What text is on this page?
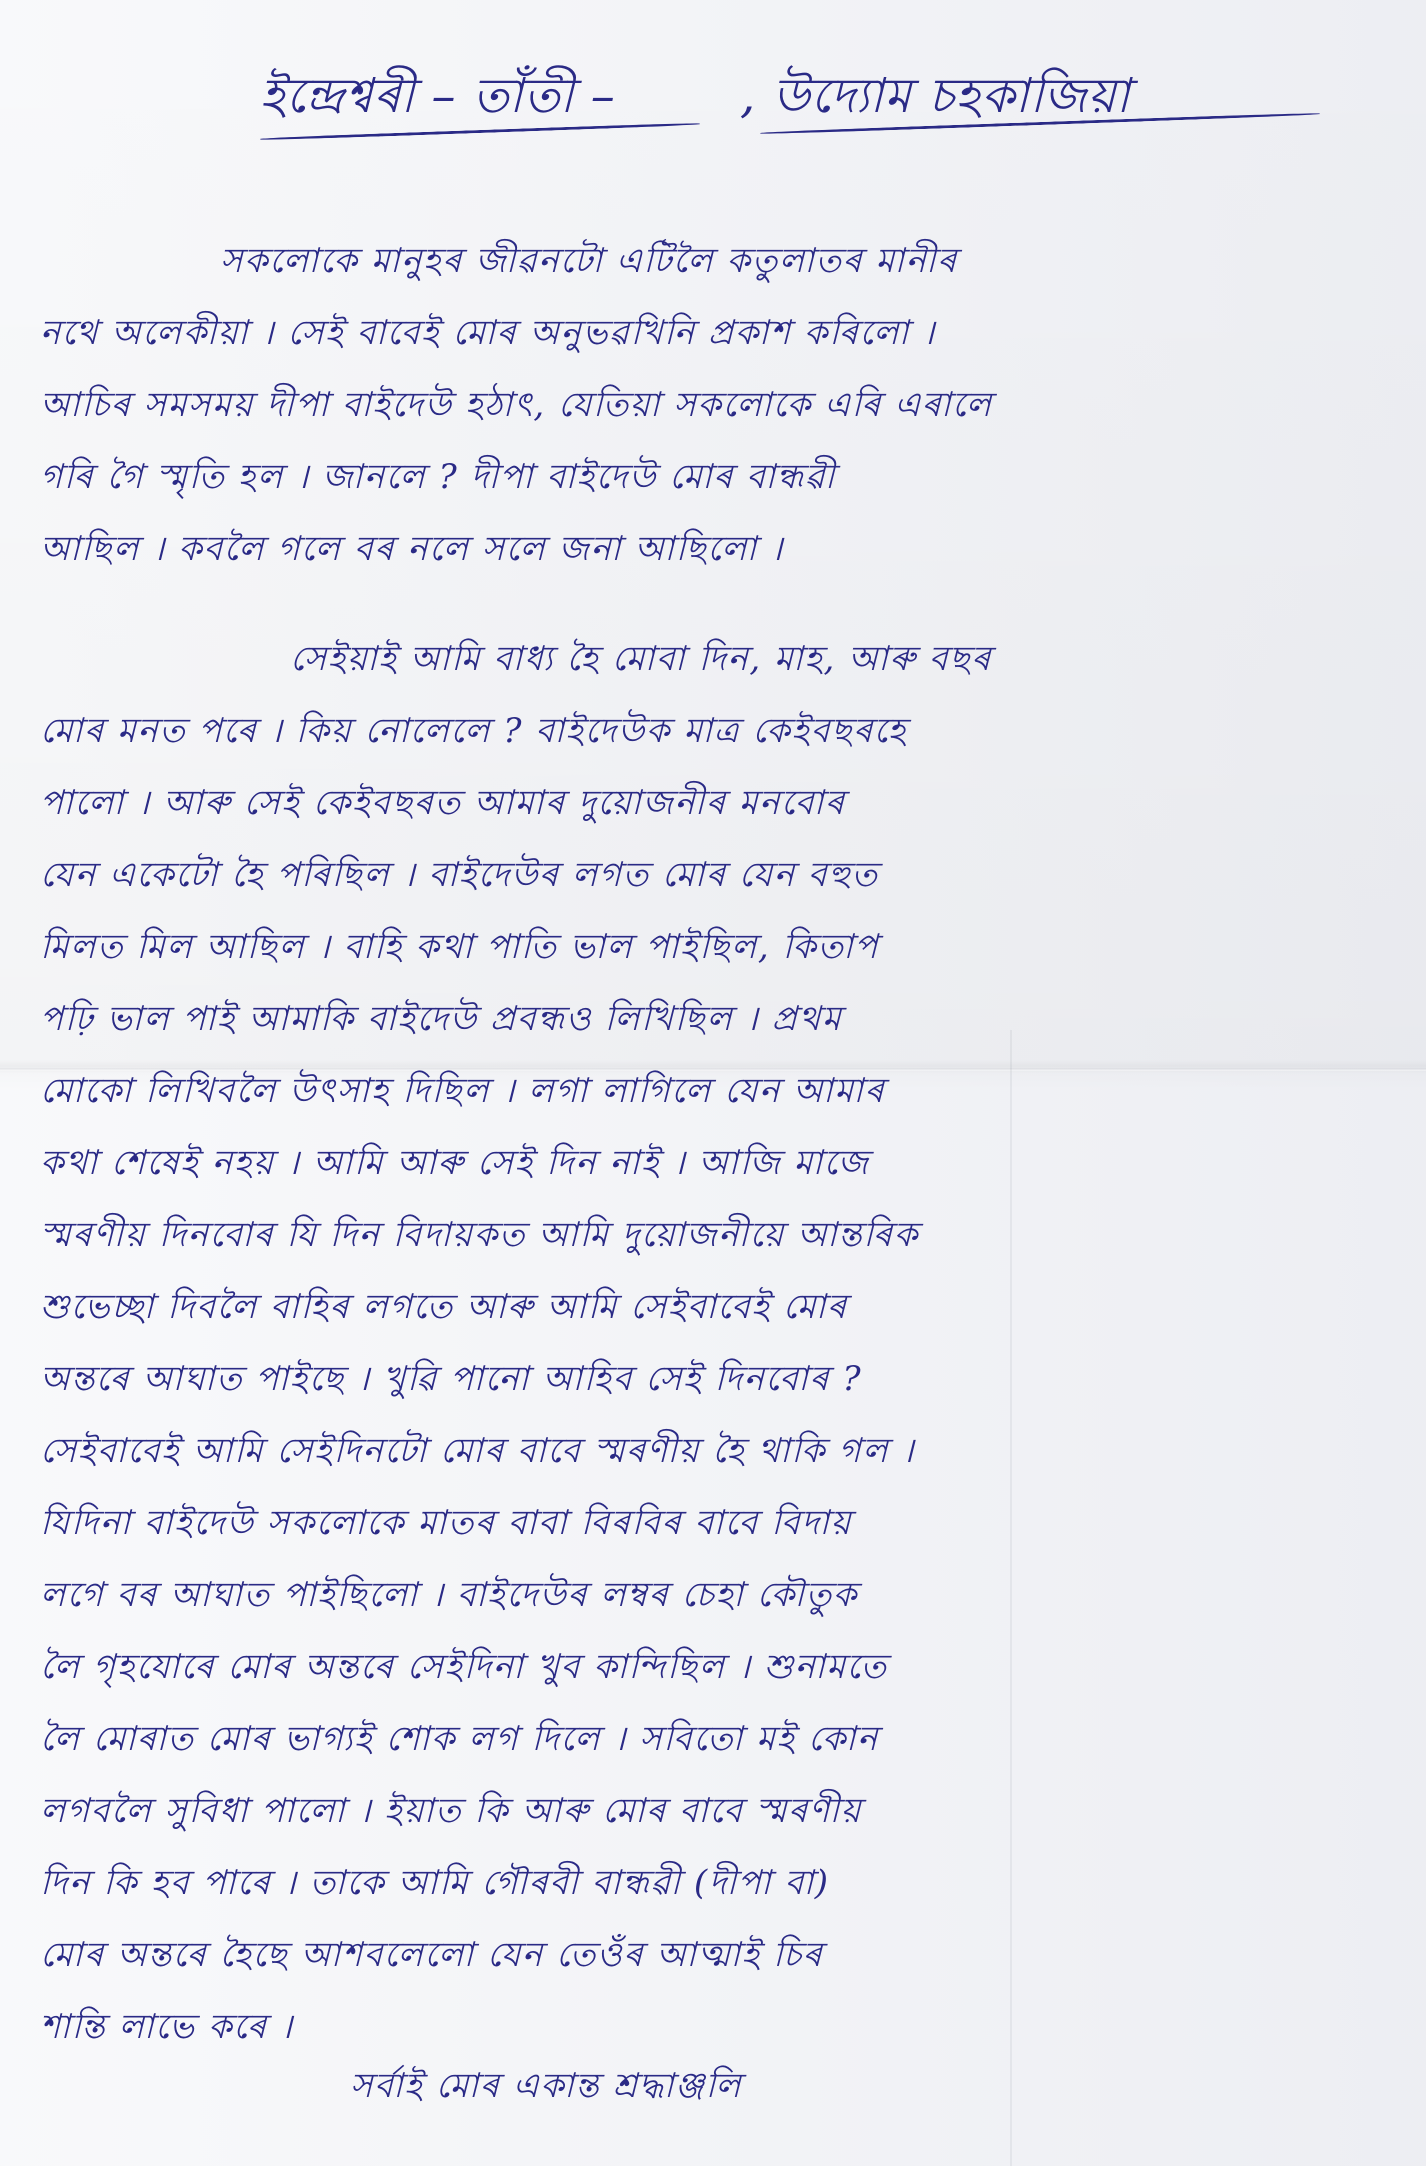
ইন্দ্ৰেশ্বৰী – তাঁতী –	, উদ্যোম চহকাজিয়া
সকলোকে মানুহৰ জীৱনটো এটিলৈ কতুলাতৰ মানীৰ
নথে অলেকীয়া । সেই বাবেই মোৰ অনুভৱখিনি প্ৰকাশ কৰিলো ।
আচিৰ সমসময় দীপা বাইদেউ হঠাৎ, যেতিয়া সকলোকে এৰি এৰালে
গৰি গৈ স্মৃতি হল । জানলে ? দীপা বাইদেউ মোৰ বান্ধৱী
আছিল । কবলৈ গলে বৰ নলে সলে জনা আছিলো ।
সেইয়াই আমি বাধ্য হৈ মোবা দিন, মাহ, আৰু বছৰ
মোৰ মনত পৰে । কিয় নোলেলে ? বাইদেউক মাত্ৰ কেইবছৰহে
পালো । আৰু সেই কেইবছৰত আমাৰ দুয়োজনীৰ মনবোৰ
যেন একেটো হৈ পৰিছিল । বাইদেউৰ লগত মোৰ যেন বহুত
মিলত মিল আছিল । বাহি কথা পাতি ভাল পাইছিল, কিতাপ
পঢ়ি ভাল পাই আমাকি বাইদেউ প্ৰবন্ধও লিখিছিল । প্ৰথম
মোকো লিখিবলৈ উৎসাহ দিছিল । লগা লাগিলে যেন আমাৰ
কথা শেষেই নহয় । আমি আৰু সেই দিন নাই । আজি মাজে
স্মৰণীয় দিনবোৰ যি দিন বিদায়কত আমি দুয়োজনীয়ে আন্তৰিক
শুভেচ্ছা দিবলৈ বাহিৰ লগতে আৰু আমি সেইবাবেই মোৰ
অন্তৰে আঘাত পাইছে । খুৱি পানো আহিব সেই দিনবোৰ ?
সেইবাবেই আমি সেইদিনটো মোৰ বাবে স্মৰণীয় হৈ থাকি গল ।
যিদিনা বাইদেউ সকলোকে মাতৰ বাবা বিৰবিৰ বাবে বিদায়
লগে বৰ আঘাত পাইছিলো । বাইদেউৰ লম্বৰ চেহা কৌতুক
লৈ গৃহযোৰে মোৰ অন্তৰে সেইদিনা খুব কান্দিছিল । শুনামতে
লৈ মোৰাত মোৰ ভাগ্যই শোক লগ দিলে । সবিতো মই কোন
লগবলৈ সুবিধা পালো । ইয়াত কি আৰু মোৰ বাবে স্মৰণীয়
দিন কি হব পাৰে । তাকে আমি গৌৰবী বান্ধৱী (দীপা বা)
মোৰ অন্তৰে হৈছে আশবলেলো যেন তেওঁৰ আত্মাই চিৰ
শান্তি লাভে কৰে ।
সৰ্বাই মোৰ একান্ত শ্ৰদ্ধাঞ্জলি
